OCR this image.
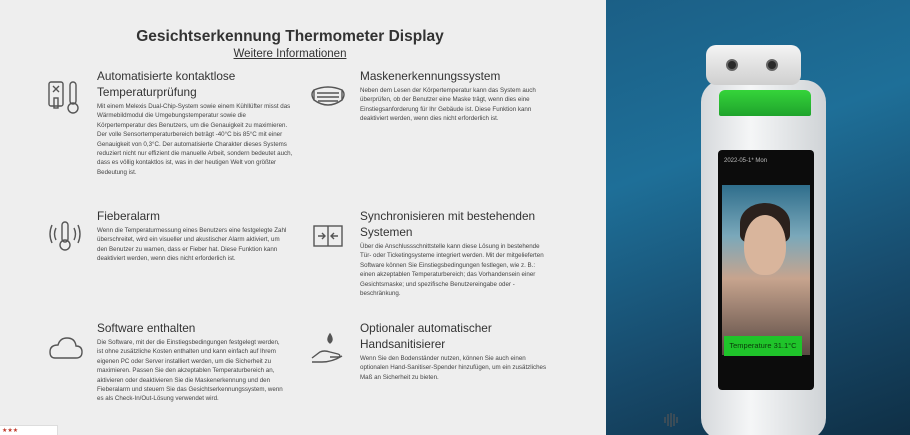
Gesichtserkennung Thermometer Display
Weitere Informationen
Automatisierte kontaktlose Temperaturprüfung

Mit einem Melexis Dual-Chip-System sowie einem Kühllüfter misst das Wärmebildmodul die Umgebungstemperatur sowie die Körpertemperatur des Benutzers, um die Genauigkeit zu maximieren. Der volle Sensortemperaturbereich beträgt -40°C bis 85°C mit einer Genauigkeit von 0,3°C. Der automatisierte Charakter dieses Systems reduziert nicht nur effizient die manuelle Arbeit, sondern bedeutet auch, dass es völlig kontaktlos ist, was in der heutigen Welt von größter Bedeutung ist.

Maskenerkennungssystem

Neben dem Lesen der Körpertemperatur kann das System auch überprüfen, ob der Benutzer eine Maske trägt, wenn dies eine Einstiegsanforderung für Ihr Gebäude ist. Diese Funktion kann deaktiviert werden, wenn dies nicht erforderlich ist.

Fieberalarm

Wenn die Temperaturmessung eines Benutzers eine festgelegte Zahl überschreitet, wird ein visueller und akustischer Alarm aktiviert, um den Benutzer zu warnen, dass er Fieber hat. Diese Funktion kann deaktiviert werden, wenn dies nicht erforderlich ist.

Synchronisieren mit bestehenden Systemen

Über die Anschlussschnittstelle kann diese Lösung in bestehende Tür- oder Ticketingsysteme integriert werden. Mit der mitgelieferten Software können Sie Einstiegsbedingungen festlegen, wie z. B.: einen akzeptablen Temperaturbereich; das Vorhandensein einer Gesichtsmaske; und spezifische Benutzereingabe oder -beschränkung.

Software enthalten

Die Software, mit der die Einstiegsbedingungen festgelegt werden, ist ohne zusätzliche Kosten enthalten und kann einfach auf Ihrem eigenen PC oder Server installiert werden, um die Sicherheit zu maximieren. Passen Sie den akzeptablen Temperaturbereich an, aktivieren oder deaktivieren Sie die Maskenerkennung und den Fieberalarm und steuern Sie das Gesichtserkennungssystem, wenn es als Check-In/Out-Lösung verwendet wird.

Optionaler automatischer Handsanitisierer

Wenn Sie den Bodenständer nutzen, können Sie auch einen optionalen Hand-Sanitiser-Spender hinzufügen, um ein zusätzliches Maß an Sicherheit zu bieten.

★★★
2022-05-1* Mon
Temperature 31.1°C
